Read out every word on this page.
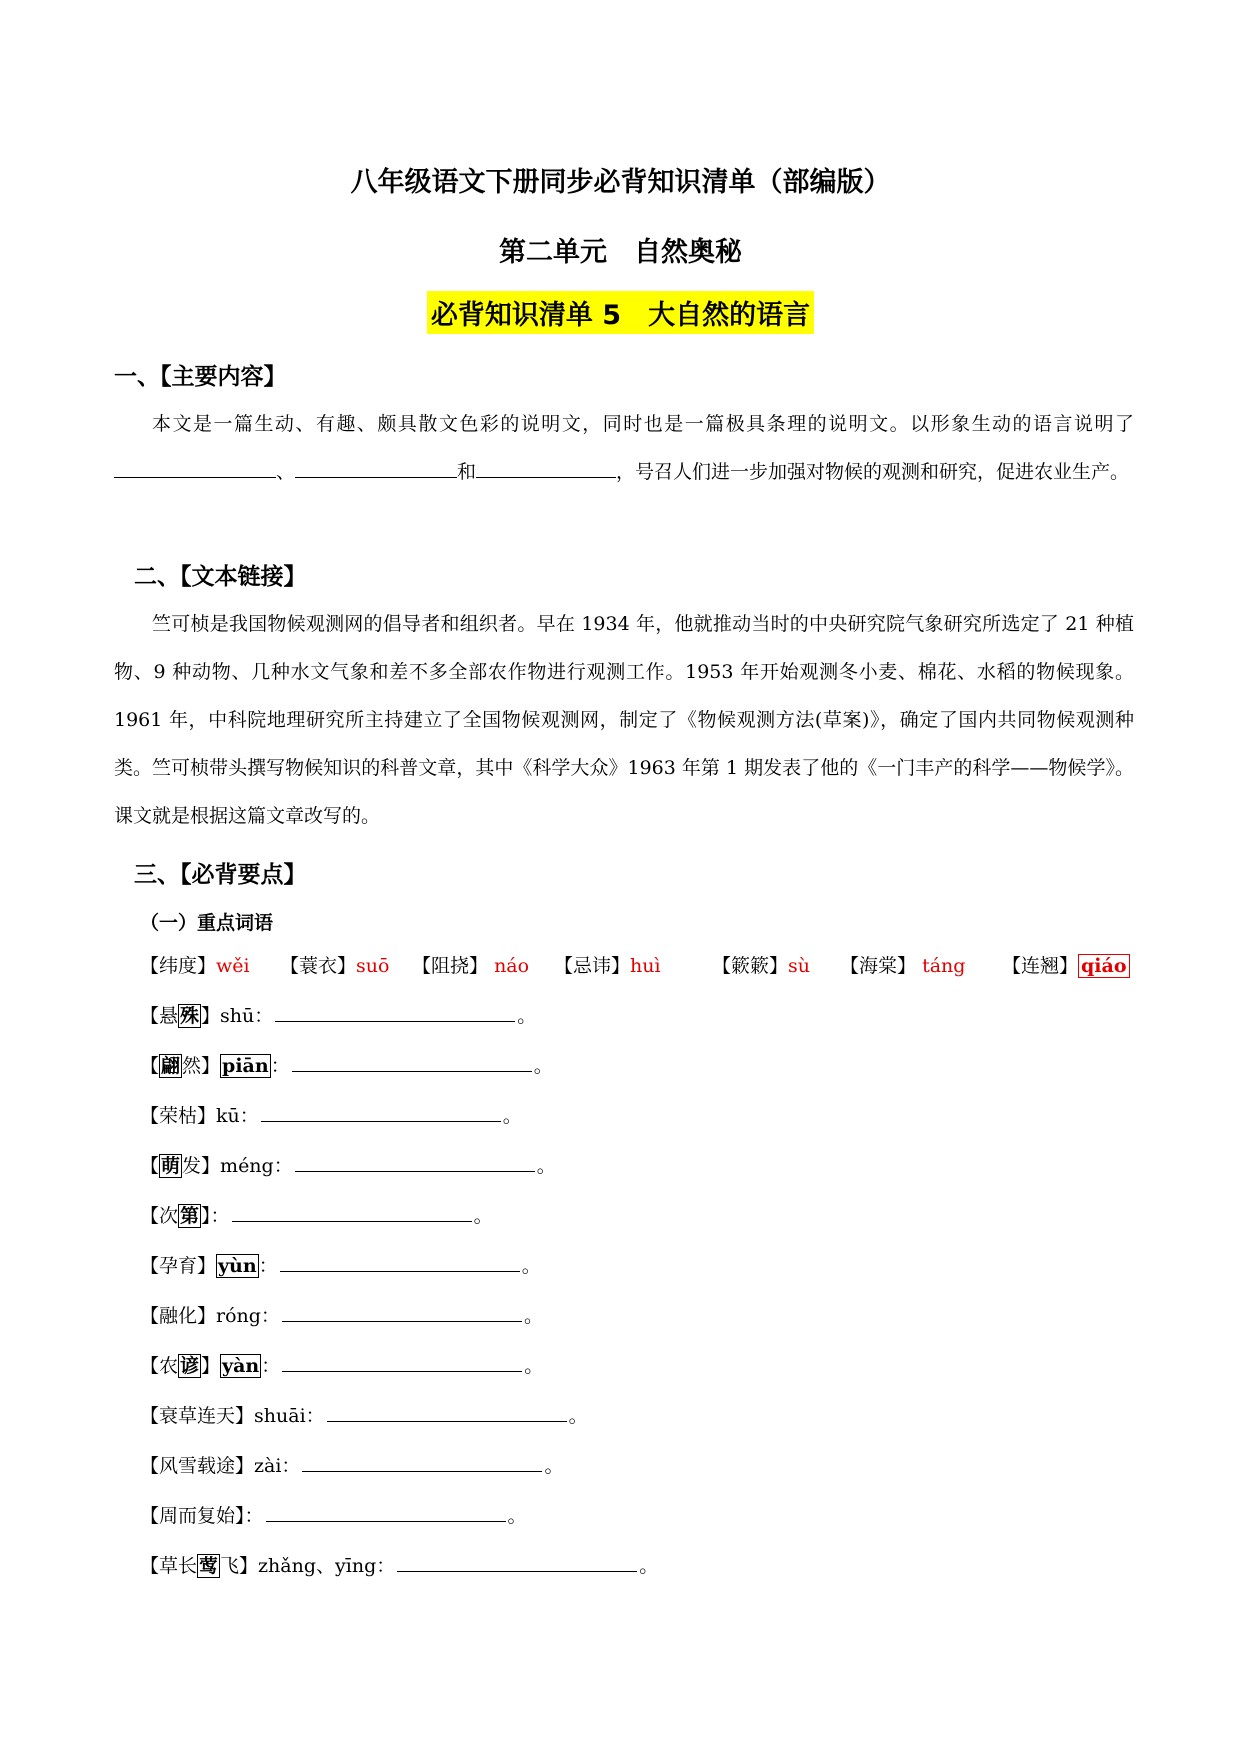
八年级语文下册同步必背知识清单（部编版）
第二单元　自然奥秘
必背知识清单 5　大自然的语言
一、【主要内容】

本文是一篇生动、有趣、颇具散文色彩的说明文，同时也是一篇极具条理的说明文。以形象生动的语言说明了、	和	，号召人们进一步加强对物候的观测和研究，促进农业生产。

二、【文本链接】

竺可桢是我国物候观测网的倡导者和组织者。早在 1934 年，他就推动当时的中央研究院气象研究所选定了 21 种植物、9 种动物、几种水文气象和差不多全部农作物进行观测工作。1953 年开始观测冬小麦、棉花、水稻的物候现象。1961 年，中科院地理研究所主持建立了全国物候观测网，制定了《物候观测方法(草案)》，确定了国内共同物候观测种类。竺可桢带头撰写物候知识的科普文章，其中《科学大众》1963 年第 1 期发表了他的《一门丰产的科学——物候学》。课文就是根据这篇文章改写的。

三、【必背要点】
（一）重点词语
【纬度】wěi 【蓑衣】suō 【阻挠】 náo 【忌讳】huì	【簌簌】sù 【海棠】 táng 【连翘】 qiáo
【悬 殊 】shū：	。
【 翩 然】 piān ：	。
【荣枯】kū：	。
【 萌 发】méng：	。
【次 第 】：	。
【孕育】 yùn ：	。
【融化】róng：	。
【农 谚 】 yàn ：	。
【衰草连天】shuāi：	。
【风雪载途】zài：	。
【周而复始】：	。
【草长 莺 飞】zhǎng、yīng：	。
